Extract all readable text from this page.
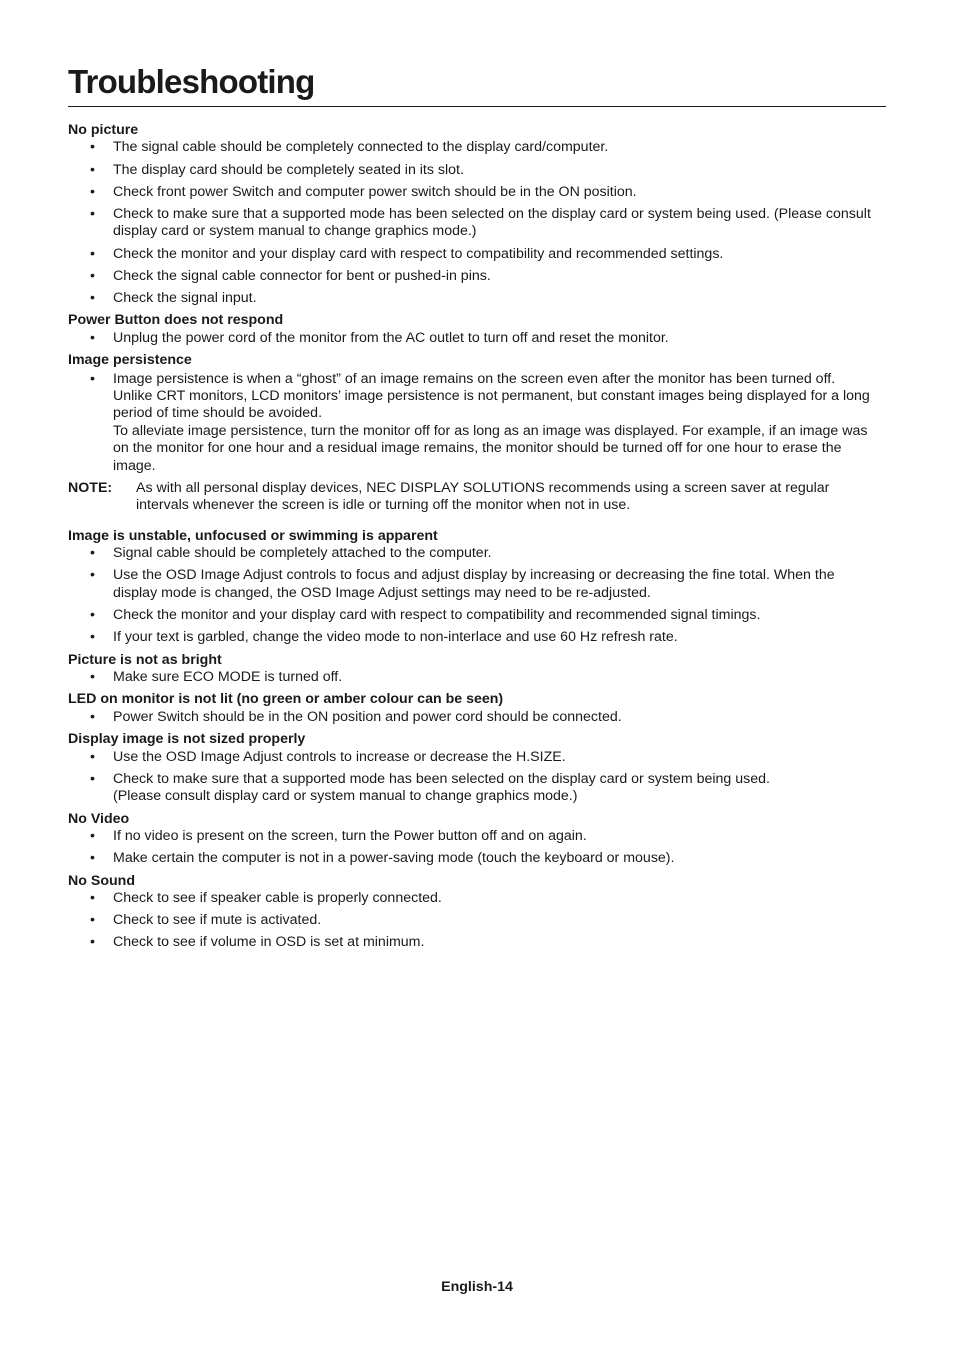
Troubleshooting

No picture

• The signal cable should be completely connected to the display card/computer.
• The display card should be completely seated in its slot.
• Check front power Switch and computer power switch should be in the ON position.
• Check to make sure that a supported mode has been selected on the display card or system being used. (Please consult display card or system manual to change graphics mode.)
• Check the monitor and your display card with respect to compatibility and recommended settings.
• Check the signal cable connector for bent or pushed-in pins.
• Check the signal input.

Power Button does not respond

• Unplug the power cord of the monitor from the AC outlet to turn off and reset the monitor.

Image persistence

• Image persistence is when a “ghost” of an image remains on the screen even after the monitor has been turned off. Unlike CRT monitors, LCD monitors’ image persistence is not permanent, but constant images being displayed for a long period of time should be avoided.
To alleviate image persistence, turn the monitor off for as long as an image was displayed. For example, if an image was on the monitor for one hour and a residual image remains, the monitor should be turned off for one hour to erase the image.
NOTE:	As with all personal display devices, NEC DISPLAY SOLUTIONS recommends using a screen saver at regular intervals whenever the screen is idle or turning off the monitor when not in use.

Image is unstable, unfocused or swimming is apparent

• Signal cable should be completely attached to the computer.
• Use the OSD Image Adjust controls to focus and adjust display by increasing or decreasing the fine total. When the display mode is changed, the OSD Image Adjust settings may need to be re-adjusted.
• Check the monitor and your display card with respect to compatibility and recommended signal timings.
• If your text is garbled, change the video mode to non-interlace and use 60 Hz refresh rate.

Picture is not as bright

• Make sure ECO MODE is turned off.

LED on monitor is not lit (no green or amber colour can be seen)

• Power Switch should be in the ON position and power cord should be connected.

Display image is not sized properly

• Use the OSD Image Adjust controls to increase or decrease the H.SIZE.
• Check to make sure that a supported mode has been selected on the display card or system being used.
(Please consult display card or system manual to change graphics mode.)

No Video

• If no video is present on the screen, turn the Power button off and on again.
• Make certain the computer is not in a power-saving mode (touch the keyboard or mouse).

No Sound

• Check to see if speaker cable is properly connected.
• Check to see if mute is activated.
• Check to see if volume in OSD is set at minimum.
English-14
